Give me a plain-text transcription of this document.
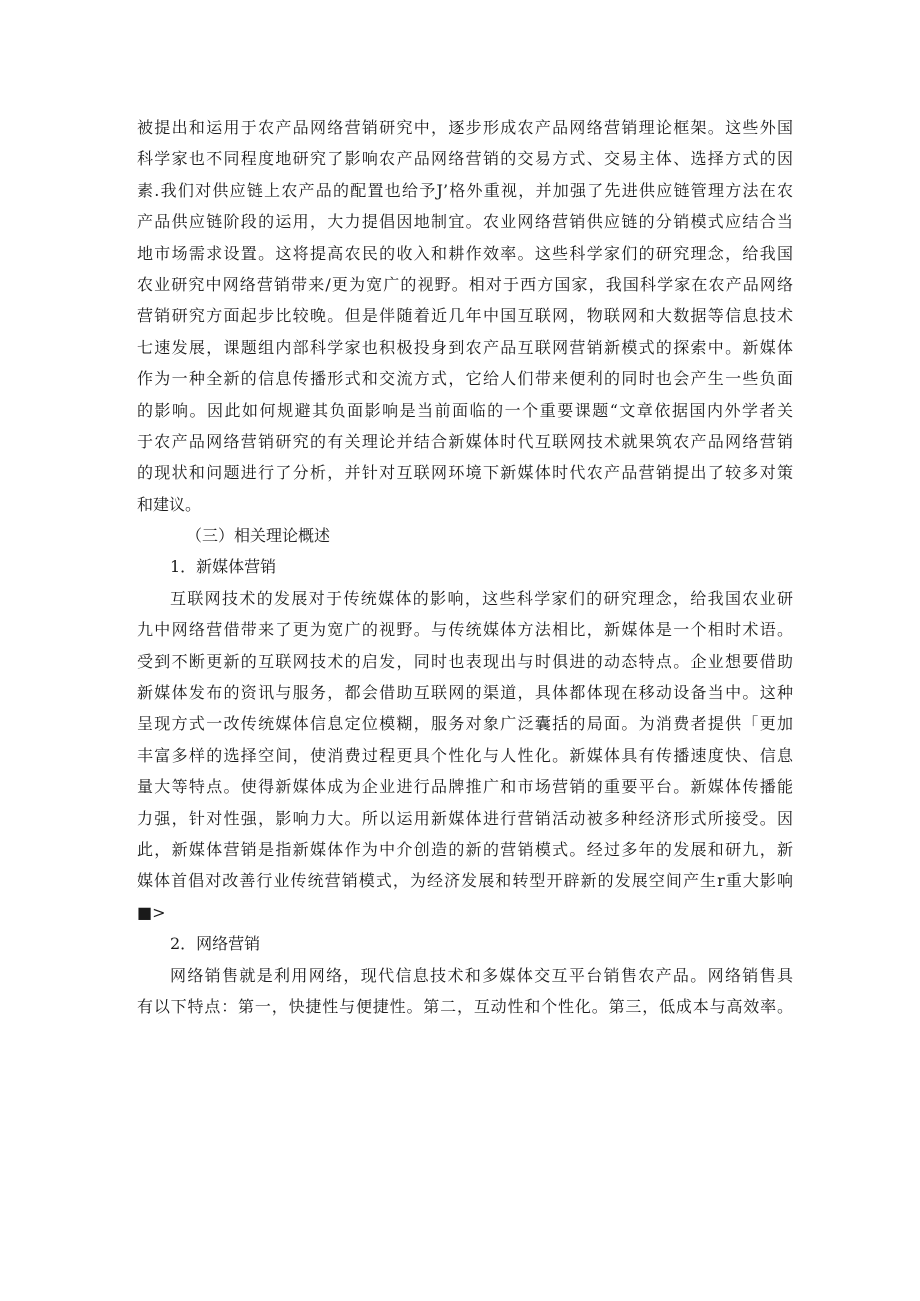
被提出和运用于农产品网络营销研究中，逐步形成农产品网络营销理论框架。这些外国
科学家也不同程度地研究了影响农产品网络营销的交易方式、交易主体、选择方式的因
素.我们对供应链上农产品的配置也给予J’格外重视，并加强了先进供应链管理方法在农
产品供应链阶段的运用，大力提倡因地制宜。农业网络营销供应链的分销模式应结合当
地市场需求设置。这将提高农民的收入和耕作效率。这些科学家们的研究理念，给我国
农业研究中网络营销带来/更为宽广的视野。相对于西方国家，我国科学家在农产品网络
营销研究方面起步比较晚。但是伴随着近几年中国互联网，物联网和大数据等信息技术
七速发展，课题组内部科学家也积极投身到农产品互联网营销新模式的探索中。新媒体
作为一种全新的信息传播形式和交流方式，它给人们带来便利的同时也会产生一些负面
的影响。因此如何规避其负面影响是当前面临的一个重要课题“文章依据国内外学者关
于农产品网络营销研究的有关理论并结合新媒体时代互联网技术就果筑农产品网络营销
的现状和问题进行了分析，并针对互联网环境下新媒体时代农产品营销提出了较多对策
和建议。
（三）相关理论概述
1．新媒体营销
互联网技术的发展对于传统媒体的影响，这些科学家们的研究理念，给我国农业研
九中网络营借带来了更为宽广的视野。与传统媒体方法相比，新媒体是一个相时术语。
受到不断更新的互联网技术的启发，同时也表现出与时俱进的动态特点。企业想要借助
新媒体发布的资讯与服务，都会借助互联网的渠道，具体都体现在移动设备当中。这种
呈现方式一改传统媒体信息定位模糊，服务对象广泛囊括的局面。为消费者提供「更加
丰富多样的选择空间，使消费过程更具个性化与人性化。新媒体具有传播速度快、信息
量大等特点。使得新媒体成为企业进行品牌推广和市场营销的重要平台。新媒体传播能
力强，针对性强，影响力大。所以运用新媒体进行营销活动被多种经济形式所接受。因
此，新媒体营销是指新媒体作为中介创造的新的营销模式。经过多年的发展和研九，新
媒体首倡对改善行业传统营销模式，为经济发展和转型开辟新的发展空间产生r重大影响
■>
2．网络营销
网络销售就是利用网络，现代信息技术和多媒体交互平台销售农产品。网络销售具
有以下特点：第一，快捷性与便捷性。第二，互动性和个性化。第三，低成本与高效率。
